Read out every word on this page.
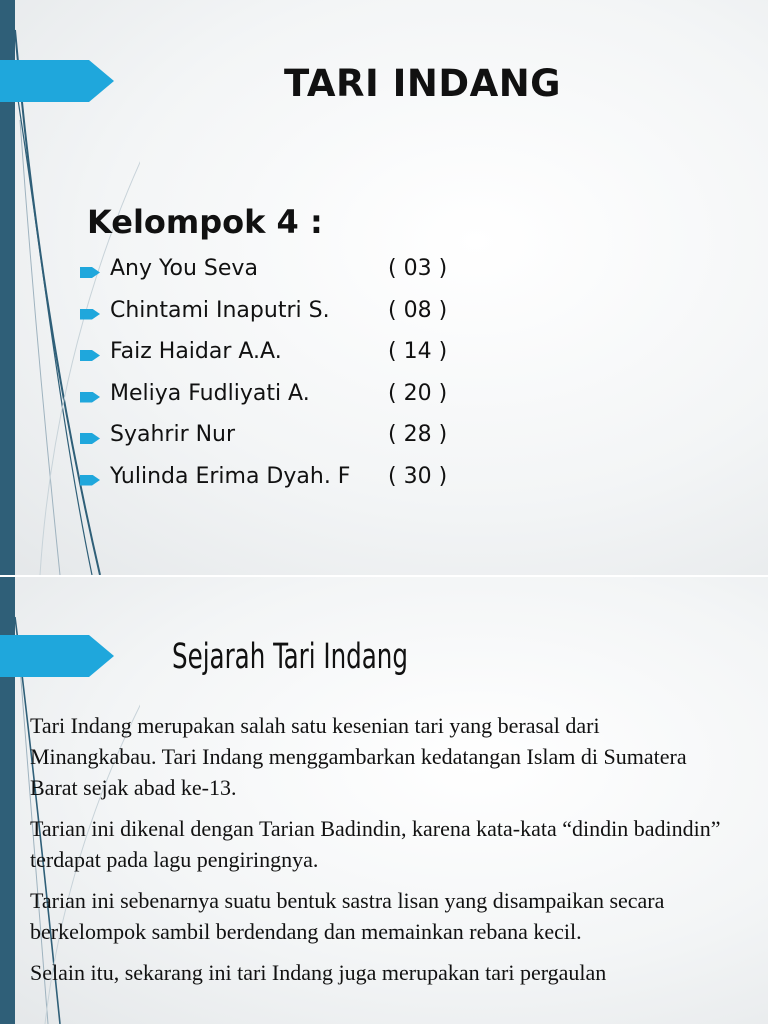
TARI INDANG
Kelompok 4 :
Any You Seva	( 03 )
Chintami Inaputri S.	( 08 )
Faiz Haidar A.A.	( 14 )
Meliya Fudliyati A.	( 20 )
Syahrir Nur	( 28 )
Yulinda Erima Dyah. F ( 30 )
Sejarah Tari Indang

Tari Indang merupakan salah satu kesenian tari yang berasal dari Minangkabau. Tari Indang menggambarkan kedatangan Islam di Sumatera Barat sejak abad ke-13.

Tarian ini dikenal dengan Tarian Badindin, karena kata-kata “dindin badindin” terdapat pada lagu pengiringnya.

Tarian ini sebenarnya suatu bentuk sastra lisan yang disampaikan secara berkelompok sambil berdendang dan memainkan rebana kecil.

Selain itu, sekarang ini tari Indang juga merupakan tari pergaulan
